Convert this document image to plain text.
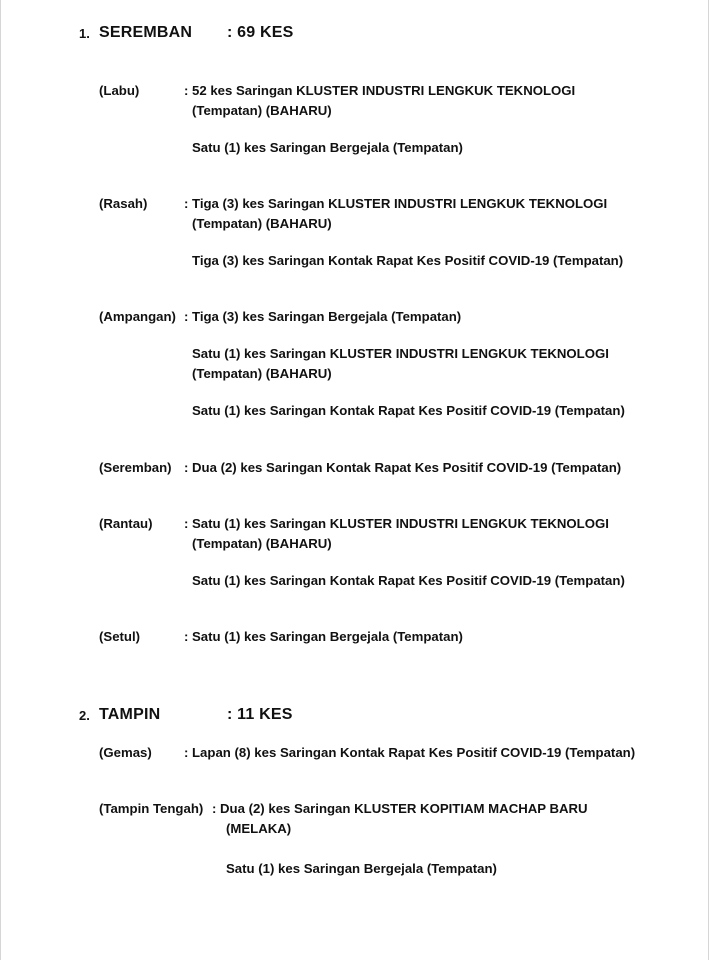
1. SEREMBAN : 69 KES
(Labu)	: 52 kes Saringan KLUSTER INDUSTRI LENGKUK TEKNOLOGI
(Tempatan) (BAHARU)
Satu (1) kes Saringan Bergejala (Tempatan)
(Rasah)	: Tiga (3) kes Saringan KLUSTER INDUSTRI LENGKUK TEKNOLOGI
(Tempatan) (BAHARU)
Tiga (3) kes Saringan Kontak Rapat Kes Positif COVID-19 (Tempatan)
(Ampangan) : Tiga (3) kes Saringan Bergejala (Tempatan)
Satu (1) kes Saringan KLUSTER INDUSTRI LENGKUK TEKNOLOGI
(Tempatan) (BAHARU)
Satu (1) kes Saringan Kontak Rapat Kes Positif COVID-19 (Tempatan)
(Seremban) : Dua (2) kes Saringan Kontak Rapat Kes Positif COVID-19 (Tempatan)
(Rantau) : Satu (1) kes Saringan KLUSTER INDUSTRI LENGKUK TEKNOLOGI
(Tempatan) (BAHARU)
Satu (1) kes Saringan Kontak Rapat Kes Positif COVID-19 (Tempatan)
(Setul)	: Satu (1) kes Saringan Bergejala (Tempatan)
2. TAMPIN	: 11 KES
(Gemas) : Lapan (8) kes Saringan Kontak Rapat Kes Positif COVID-19 (Tempatan)
(Tampin Tengah) : Dua (2) kes Saringan KLUSTER KOPITIAM MACHAP BARU
(MELAKA)
Satu (1) kes Saringan Bergejala (Tempatan)
